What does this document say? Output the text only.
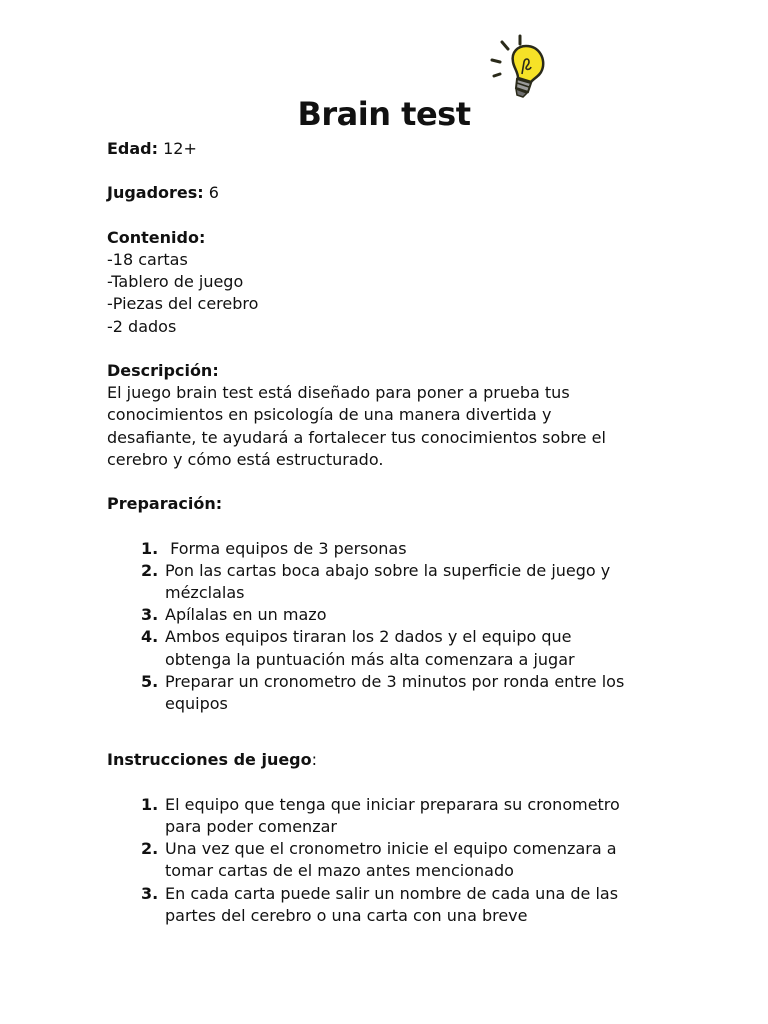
Brain test

Edad: 12+

Jugadores: 6

Contenido:

-18 cartas

-Tablero de juego

-Piezas del cerebro

-2 dados

Descripción:

El juego brain test está diseñado para poner a prueba tus

conocimientos en psicología de una manera divertida y

desafiante, te ayudará a fortalecer tus conocimientos sobre el

cerebro y cómo está estructurado.

Preparación:

1. Forma equipos de 3 personas
2. Pon las cartas boca abajo sobre la superficie de juego y
mézclalas
3. Apílalas en un mazo
4. Ambos equipos tiraran los 2 dados y el equipo que
obtenga la puntuación más alta comenzara a jugar
5. Preparar un cronometro de 3 minutos por ronda entre los
equipos

Instrucciones de juego:

1. El equipo que tenga que iniciar preparara su cronometro
para poder comenzar
2. Una vez que el cronometro inicie el equipo comenzara a
tomar cartas de el mazo antes mencionado
3. En cada carta puede salir un nombre de cada una de las
partes del cerebro o una carta con una breve
